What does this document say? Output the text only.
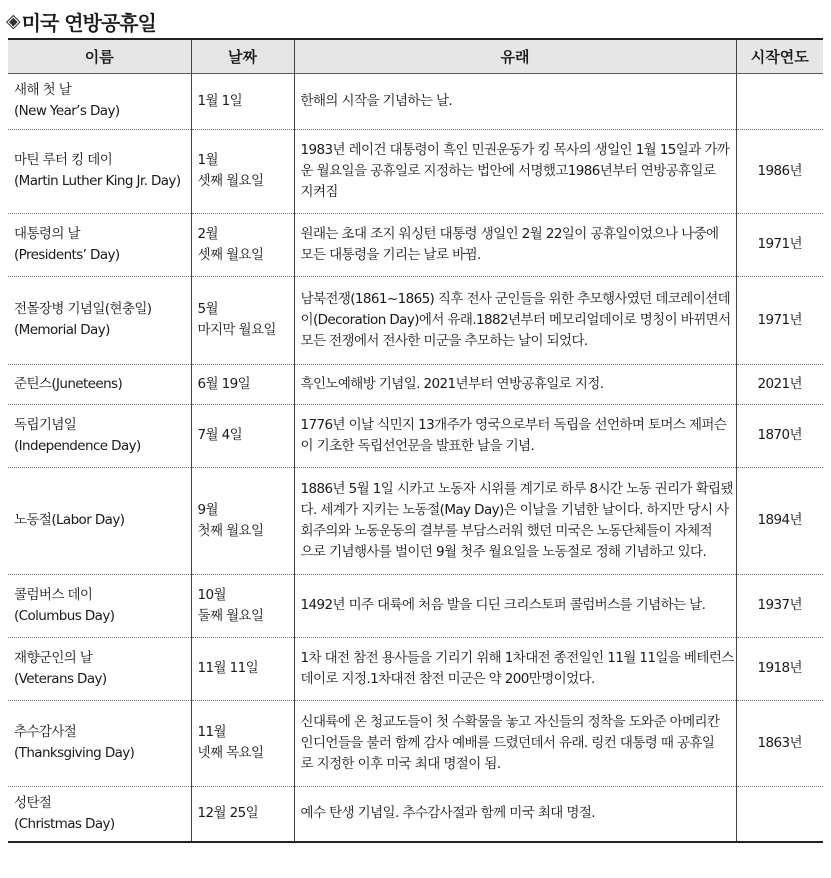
◈ 미국 연방공휴일
이름	날짜	유래	시작연도

새해 첫 날
(New Year’s Day)	1월 1일	한해의 시작을 기념하는 날.	

마틴 루터 킹 데이
(Martin Luther King Jr. Day)	1월
셋째 월요일	1983년 레이건 대통령이 흑인 민권운동가 킹 목사의 생일인 1월 15일과 가까
운 월요일을 공휴일로 지정하는 법안에 서명했고1986년부터 연방공휴일로
지켜짐	1986년

대통령의 날
(Presidents’ Day)	2월
셋째 월요일	원래는 초대 조지 워싱턴 대통령 생일인 2월 22일이 공휴일이었으나 나중에
모든 대통령을 기리는 날로 바뀜.	1971년

전몰장병 기념일(현충일)
(Memorial Day)	5월
마지막 월요일	남북전쟁(1861~1865) 직후 전사 군인들을 위한 추모행사였던 데코레이션데
이(Decoration Day)에서 유래.1882년부터 메모리얼데이로 명칭이 바뀌면서
모든 전쟁에서 전사한 미군을 추모하는 날이 되었다.	1971년

준틴스(Juneteens)	6월 19일	흑인노예해방 기념일. 2021년부터 연방공휴일로 지정.	2021년

독립기념일
(Independence Day)	7월 4일	1776년 이날 식민지 13개주가 영국으로부터 독립을 선언하며 토머스 제퍼슨
이 기초한 독립선언문을 발표한 날을 기념.	1870년

노동절(Labor Day)	9월
첫째 월요일	1886년 5월 1일 시카고 노동자 시위를 계기로 하루 8시간 노동 권리가 확립됐
다. 세계가 지키는 노동절(May Day)은 이날을 기념한 날이다. 하지만 당시 사
회주의와 노동운동의 결부를 부담스러워 했던 미국은 노동단체들이 자체적
으로 기념행사를 벌이던 9월 첫주 월요일을 노동절로 정해 기념하고 있다.	1894년

콜럼버스 데이
(Columbus Day)	10월
둘째 월요일	1492년 미주 대륙에 처음 발을 디딘 크리스토퍼 콜럼버스를 기념하는 날.	1937년

재향군인의 날
(Veterans Day)	11월 11일	1차 대전 참전 용사들을 기리기 위해 1차대전 종전일인 11월 11일을 베테런스
데이로 지정.1차대전 참전 미군은 약 200만명이었다.	1918년

추수감사절
(Thanksgiving Day)	11월
넷째 목요일	신대륙에 온 청교도들이 첫 수확물을 놓고 자신들의 정착을 도와준 아메리칸
인디언들을 불러 함께 감사 예배를 드렸던데서 유래. 링컨 대통령 때 공휴일
로 지정한 이후 미국 최대 명절이 됨.	1863년

성탄절
(Christmas Day)	12월 25일	예수 탄생 기념일. 추수감사절과 함께 미국 최대 명절.	
